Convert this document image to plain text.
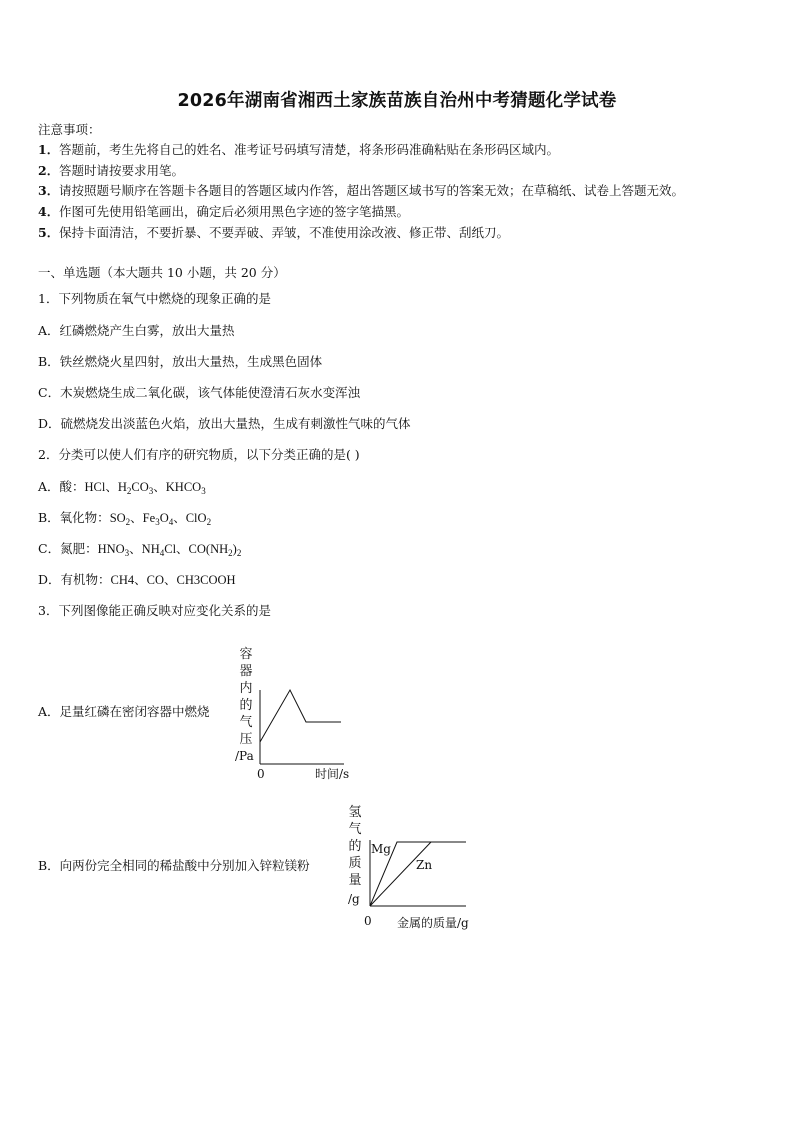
2026年湖南省湘西土家族苗族自治州中考猜题化学试卷
注意事项：
1．答题前，考生先将自己的姓名、准考证号码填写清楚，将条形码准确粘贴在条形码区域内。
2．答题时请按要求用笔。
3．请按照题号顺序在答题卡各题目的答题区域内作答，超出答题区域书写的答案无效；在草稿纸、试卷上答题无效。
4．作图可先使用铅笔画出，确定后必须用黑色字迹的签字笔描黑。
5．保持卡面清洁，不要折暴、不要弄破、弄皱，不准使用涂改液、修正带、刮纸刀。
一、单选题（本大题共 10 小题，共 20 分）
1．下列物质在氧气中燃烧的现象正确的是
A．红磷燃烧产生白雾，放出大量热
B．铁丝燃烧火星四射，放出大量热，生成黑色固体
C．木炭燃烧生成二氧化碳，该气体能使澄清石灰水变浑浊
D．硫燃烧发出淡蓝色火焰，放出大量热，生成有刺激性气味的气体
2．分类可以使人们有序的研究物质，以下分类正确的是( )
A．酸：HCl、$H_2CO_3$、$KHCO_3$
B．氧化物：$SO_2$、$Fe_3O_4$、ClO$_2$
C．氮肥：$HNO_3$、$NH_4Cl$、$CO(NH_2)_2$
D．有机物：CH4、CO、CH3COOH
3．下列图像能正确反映对应变化关系的是
A．足量红磷在密闭容器中燃烧
B．向两份完全相同的稀盐酸中分别加入锌粒镁粉
容
器
内
的
气
压
/Pa
0	时间/s
氢
气
的
质
量
/g
0 金属的质量/g
Mg
Zn
